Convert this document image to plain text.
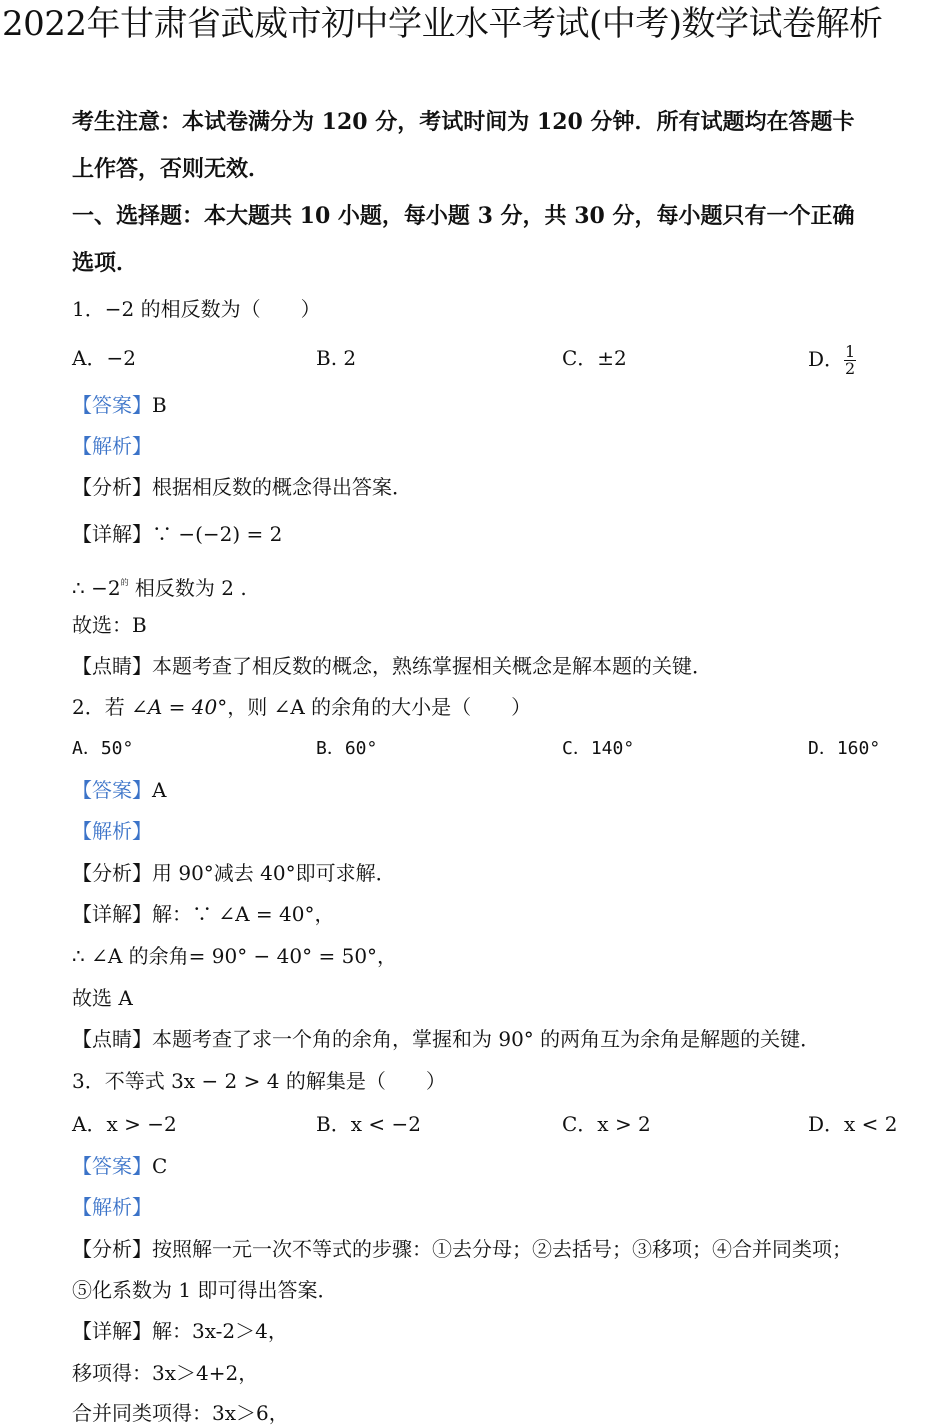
2022年甘肃省武威市初中学业水平考试(中考)数学试卷解析
考生注意：本试卷满分为 120 分，考试时间为 120 分钟．所有试题均在答题卡
上作答，否则无效．
一、选择题：本大题共 10 小题，每小题 3 分，共 30 分，每小题只有一个正确
选项．
1．−2 的相反数为（　　）
A．−2	B. 2	C．±2	D． $\frac{1}{2}$
【答案】B
【解析】
【分析】根据相反数的概念得出答案．
【详解】∵ −(−2) = 2
∴ $-2^的$ 相反数为 2 .
故选：B
【点睛】本题考查了相反数的概念，熟练掌握相关概念是解本题的关键．
2．若 ∠A = 40°，则 ∠A 的余角的大小是（　　）
A．50°	B．60°	C．140°	D．160°
【答案】A
【解析】
【分析】用 90°减去 40°即可求解．
【详解】解：∵ ∠A = 40°，
∴ ∠A 的余角= 90° − 40° = 50°，
故选 A
【点睛】本题考查了求一个角的余角，掌握和为 90° 的两角互为余角是解题的关键．
3．不等式 3x − 2 > 4 的解集是（　　）
A．x > −2	B．x < −2	C．x > 2	D．x < 2
【答案】C
【解析】
【分析】按照解一元一次不等式的步骤：①去分母；②去括号；③移项；④合并同类项；
⑤化系数为 1 即可得出答案．
【详解】解：3x-2＞4，
移项得：3x＞4+2，
合并同类项得：3x＞6，
